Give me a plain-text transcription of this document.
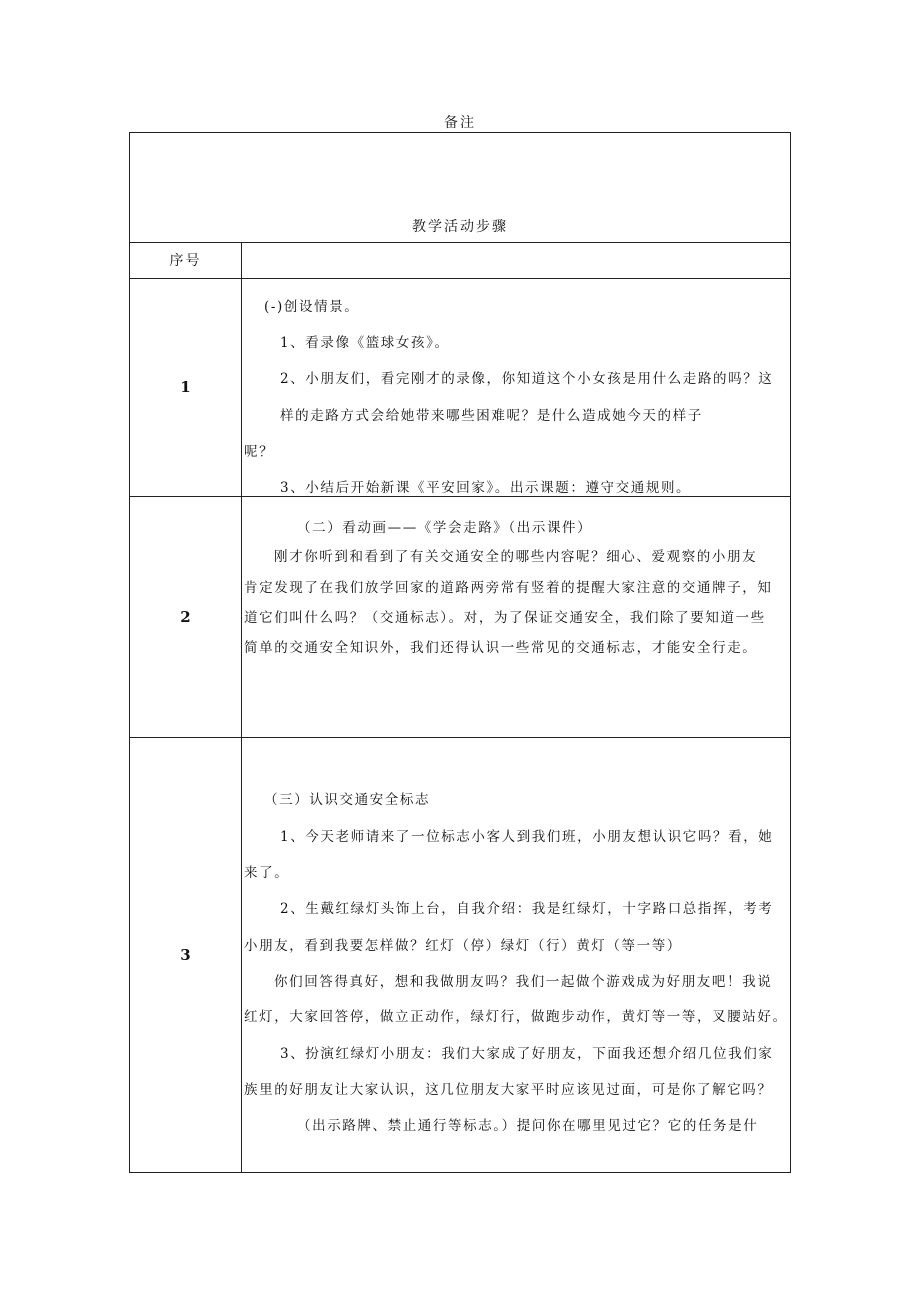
备注
教学活动步骤
序号
1
(-)创设情景。
1、看录像《篮球女孩》。
2、小朋友们，看完刚才的录像，你知道这个小女孩是用什么走路的吗？这
样的走路方式会给她带来哪些困难呢？是什么造成她今天的样子
呢？
3、小结后开始新课《平安回家》。出示课题：遵守交通规则。
2
（二）看动画——《学会走路》（出示课件）
刚才你听到和看到了有关交通安全的哪些内容呢？细心、爱观察的小朋友
肯定发现了在我们放学回家的道路两旁常有竖着的提醒大家注意的交通牌子，知
道它们叫什么吗？（交通标志）。对，为了保证交通安全，我们除了要知道一些
简单的交通安全知识外，我们还得认识一些常见的交通标志，才能安全行走。
3
（三）认识交通安全标志
1、今天老师请来了一位标志小客人到我们班，小朋友想认识它吗？看，她
来了。
2、生戴红绿灯头饰上台，自我介绍：我是红绿灯，十字路口总指挥，考考
小朋友，看到我要怎样做？红灯（停）绿灯（行）黄灯（等一等）
你们回答得真好，想和我做朋友吗？我们一起做个游戏成为好朋友吧！我说
红灯，大家回答停，做立正动作，绿灯行，做跑步动作，黄灯等一等，叉腰站好。
3、扮演红绿灯小朋友：我们大家成了好朋友，下面我还想介绍几位我们家
族里的好朋友让大家认识，这几位朋友大家平时应该见过面，可是你了解它吗？
（出示路牌、禁止通行等标志。）提问你在哪里见过它？它的任务是什
